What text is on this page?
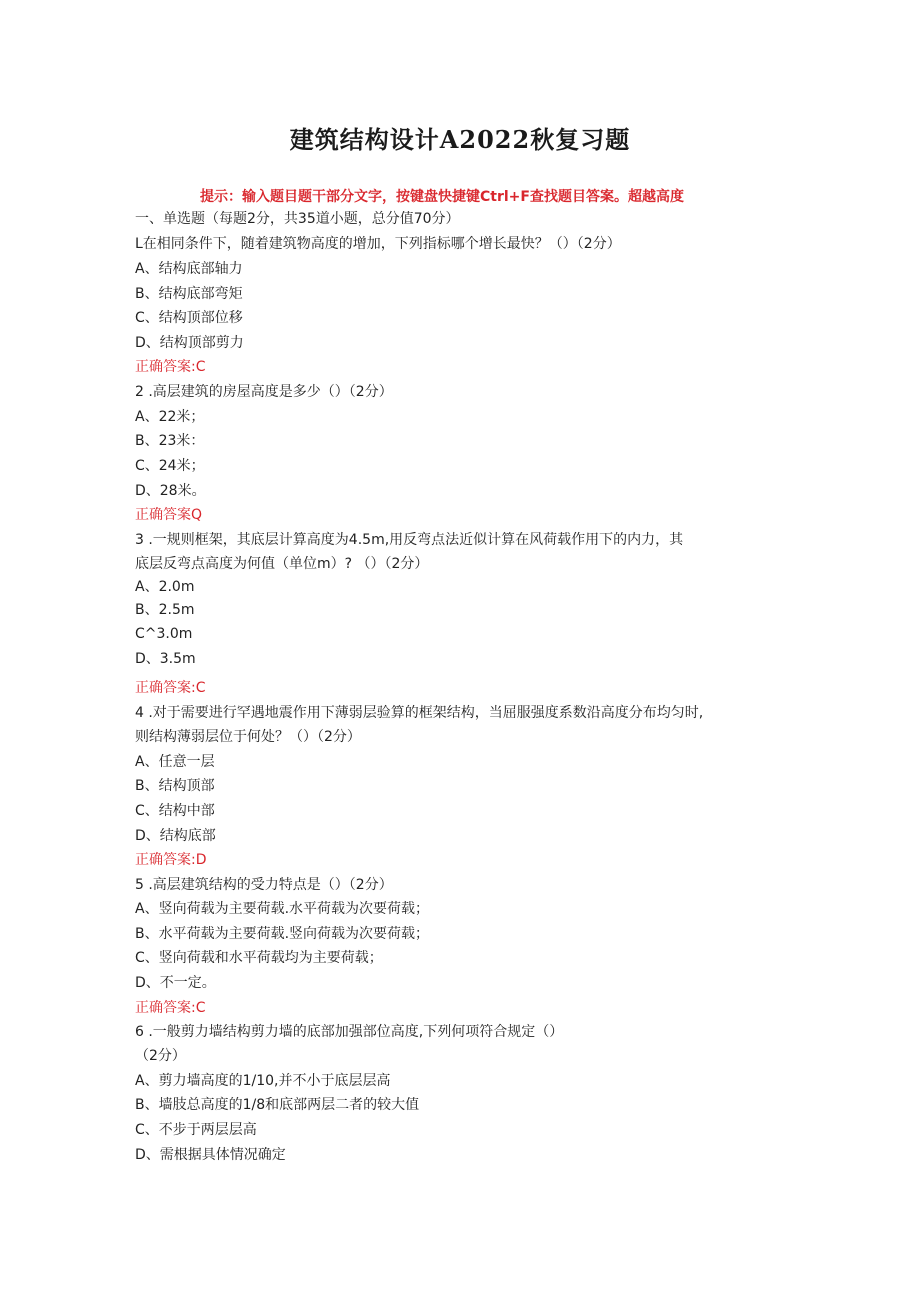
建筑结构设计A2022秋复习题
提示：输入题目题干部分文字，按键盘快捷键Ctrl+F查找题目答案。超越高度
一、单选题（每题2分，共35道小题，总分值70分）
L在相同条件下，随着建筑物高度的增加，下列指标哪个增长最快？（）（2分）
A、结构底部轴力
B、结构底部弯矩
C、结构顶部位移
D、结构顶部剪力
正确答案:C
2 .高层建筑的房屋高度是多少（）（2分）
A、22米；
B、23米：
C、24米；
D、28米。
正确答案Q
3 .一规则框架，其底层计算高度为4.5m,用反弯点法近似计算在风荷载作用下的内力，其
底层反弯点高度为何值（单位m）? （）（2分）
A、2.0m
B、2.5m
C^3.0m
D、3.5m
正确答案:C
4 .对于需要进行罕遇地震作用下薄弱层验算的框架结构，当屈服强度系数沿高度分布均匀时,
则结构薄弱层位于何处？（）（2分）
A、任意一层
B、结构顶部
C、结构中部
D、结构底部
正确答案:D
5 .高层建筑结构的受力特点是（）（2分）
A、竖向荷载为主要荷载.水平荷载为次要荷载；
B、水平荷载为主要荷载.竖向荷载为次要荷载；
C、竖向荷载和水平荷载均为主要荷载；
D、不一定。
正确答案:C
6 .一般剪力墙结构剪力墙的底部加强部位高度,下列何项符合规定（）
（2分）
A、剪力墙高度的1/10,并不小于底层层高
B、墙肢总高度的1/8和底部两层二者的较大值
C、不步于两层层高
D、需根据具体情况确定
